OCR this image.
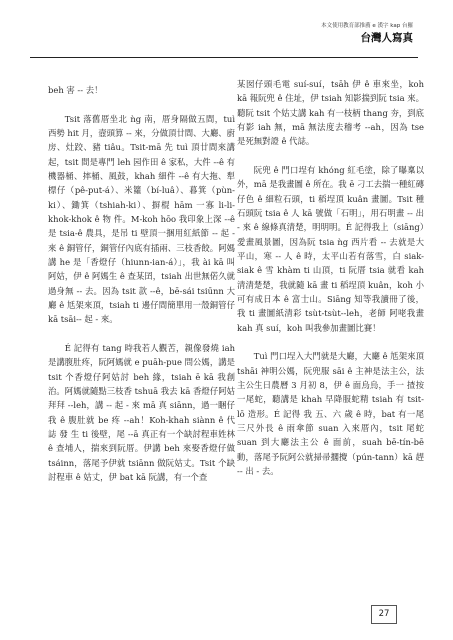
本文使用教育部推薦 e 漢字 kap 台羅
台灣人寫真

beh 害 -- 去！

Tsit 落舊厝坐北 ǹg 南，厝身隔做五間，tuì 西勢 hit 月，壼頭算 -- 來，分做頂廿間、大廳、廚房、灶跤、豬 tiâu。Tsit-mā 先 tuì 頂廿間來講起，tsit 間是專門 leh 园作田 ê 家私，大件 --ê 有機器桶、摔桶、風鼓，khah 細件 --ê 有大拖、犁標仔（pê-put-á）、米籮（bí-luâ）、暮箕（pùn-ki）、鋤箕（tshiah-ki）、摒棍 hām 一寡 li-li-khok-khok ê 物 件。M-koh hōo 我印象上深 --ê 是 tsia-ê 農具，是吊 ti 壁頂一捆用紅紙節 -- 起 - 來 ê 銅管仔，銅管仔內底有插兩、三枝香餃。阿媽講 he 是「香燈仔（hiunn-ian-á）」，我 ài kā 叫阿姑，伊 ê 阿媽生 ê 查某囝，tsiah 出世無偌久就過身無 -- 去。因為 tsit 款 --ê，bē-sái tsiūnn 大廳 ê 尪架來頂，tsiah ti 邊仔間簡單用一殼銅管仔 kā tsāi-- 起 - 來。

É 記得有 tang 時我若人觀苦，親像發燒 iah 是講腹肚疼，阮阿媽就 e puāh-pue 問公媽，講是 tsit 个香燈仔阿姑討 beh 緣，tsiah ē kā 我創治。阿媽就隨點三枝香 tshuā 我去 kā 香燈仔阿姑拜拜 --leh，講 -- 起 - 來 mā 真 siānn，過一睏仔我 ê 腹肚就 be 疼 --ah！Koh-khah siànn ê 代誌 發 生 ti 後壁，尾 --ā 真正有一个缺討程車姓林 ê 查埔人，揣來到阮厝。伊講 beh 來娶香燈仔做 tsáinn，落尾予伊就 tsiānn 做阮姑丈。Tsit 个缺討程車 ê 姑丈，伊 bat kā 阮講，有一个查

某囡仔頭毛電 suí-suí，tsāh 伊 ê 車來坐，koh kā 報阮兜 ê 住址，伊 tsiah 知影揣到阮 tsia 來。聽阮 tsit 个姑丈講 kah 有一枝柄 thang 夯，到底有影 iah 無，mā 無法度去稽考 --ah，因為 tse 是死無對證 ê 代誌。

阮兜 ê 門口埕有 khóng 紅毛塗，除了曝稟以外，mā 是我畫圖 ê 所在。我 ē 刁工去揣一種紅磚仔色 ê 細粒石頭，ti 稻埕頂 kuân 畫圖。Tsit 種石頭阮 tsia ê 人 kā 號做「石明」，用石明畫 -- 出 - 來 ê 線條真清楚，明明明。É 記得我上（siāng）愛畫風景圖，因為阮 tsia ǹg 西片看 -- 去就是大平山，寒 -- 人 ê 時，太平山若有落雪，白 siak-siak ê 雪 khàm ti 山頂，ti 阮厝 tsia 就看 kah 清清楚楚，我就隨 kā 畫 ti 稻埕頂 kuân，koh 小可有成日本 ê 富士山。Siāng 知等我讀冊了後，我 ti 畫圖紙清彩 tsùt-tsùt--leh，老師 阿咾我畫 kah 真 suí，koh 叫我參加畫圖比賽！

Tuì 門口埕入大門就是大廳，大廳 ê 尪架來頂 tshāi 神明公媽，阮兜服 sāi ê 主神是法主公，法主公生日農曆 3 月初 8，伊 ê 面烏烏，手一 揸按一尾蛇，聽講是 khah 早降服蛇精 tsiah 有 tsit-lō 造形。É 記得 我 五、六 歲 ê 時，bat 有一尾三尺外長 ê 雨傘節 suan 入來厝內，tsit 尾蛇 suan 到大廳法主公 ê 面前，suah bē-tín-bē 動，落尾予阮阿公就掃帚擱攪（pún-tann）kā 趕 -- 出 - 去。

27
